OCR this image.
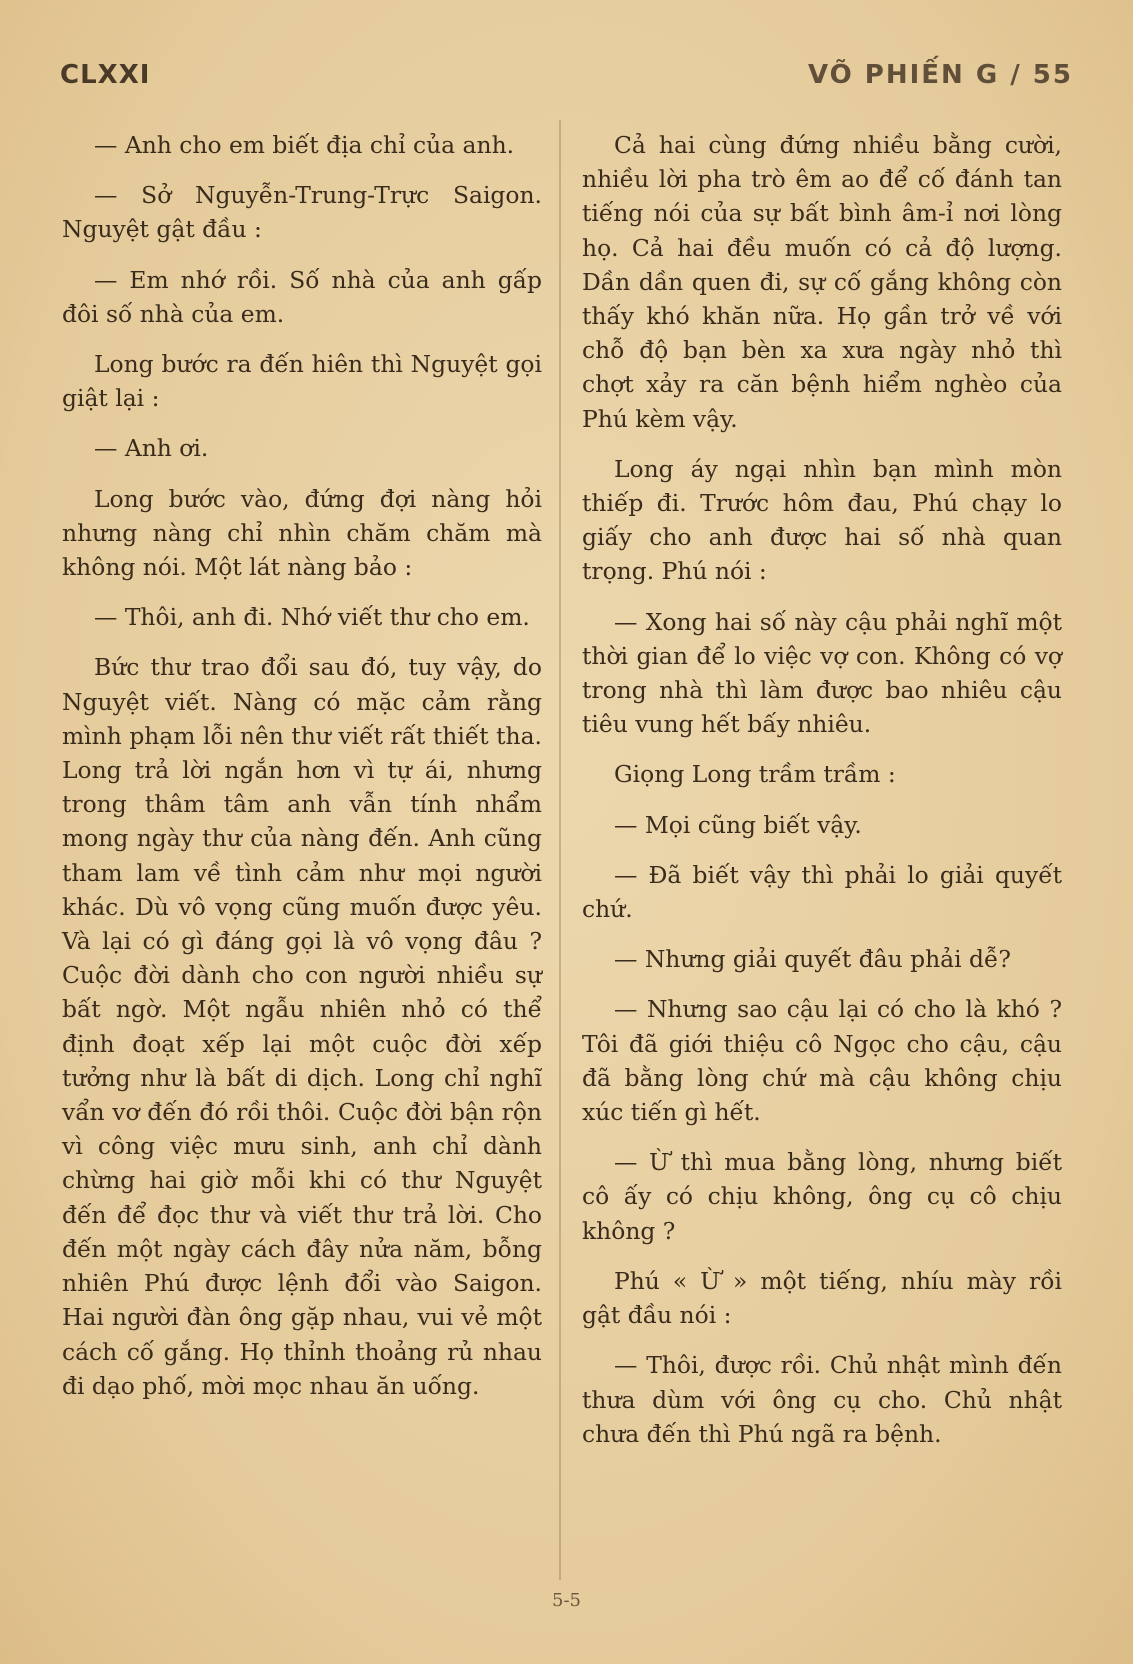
CLXXI	VÕ PHIẾN G / 55

— Anh cho em biết địa chỉ của anh.

— Sở Nguyễn-Trung-Trực Saigon. Nguyệt gật đầu :

— Em nhớ rồi. Số nhà của anh gấp đôi số nhà của em.

Long bước ra đến hiên thì Nguyệt gọi giật lại :

— Anh ơi.

Long bước vào, đứng đợi nàng hỏi nhưng nàng chỉ nhìn chăm chăm mà không nói. Một lát nàng bảo :

— Thôi, anh đi. Nhớ viết thư cho em.

Bức thư trao đổi sau đó, tuy vậy, do Nguyệt viết. Nàng có mặc cảm rằng mình phạm lỗi nên thư viết rất thiết tha. Long trả lời ngắn hơn vì tự ái, nhưng trong thâm tâm anh vẫn tính nhẩm mong ngày thư của nàng đến. Anh cũng tham lam về tình cảm như mọi người khác. Dù vô vọng cũng muốn được yêu. Và lại có gì đáng gọi là vô vọng đâu ? Cuộc đời dành cho con người nhiều sự bất ngờ. Một ngẫu nhiên nhỏ có thể định đoạt xếp lại một cuộc đời xếp tưởng như là bất di dịch. Long chỉ nghĩ vẩn vơ đến đó rồi thôi. Cuộc đời bận rộn vì công việc mưu sinh, anh chỉ dành chừng hai giờ mỗi khi có thư Nguyệt đến để đọc thư và viết thư trả lời. Cho đến một ngày cách đây nửa năm, bỗng nhiên Phú được lệnh đổi vào Saigon. Hai người đàn ông gặp nhau, vui vẻ một cách cố gắng. Họ thỉnh thoảng rủ nhau đi dạo phố, mời mọc nhau ăn uống.

Cả hai cùng đứng nhiều bằng cười, nhiều lời pha trò êm ao để cố đánh tan tiếng nói của sự bất bình âm-ỉ nơi lòng họ. Cả hai đều muốn có cả độ lượng. Dần dần quen đi, sự cố gắng không còn thấy khó khăn nữa. Họ gần trở về với chỗ độ bạn bèn xa xưa ngày nhỏ thì chợt xảy ra căn bệnh hiểm nghèo của Phú kèm vậy.

Long áy ngại nhìn bạn mình mòn thiếp đi. Trước hôm đau, Phú chạy lo giấy cho anh được hai số nhà quan trọng. Phú nói :

— Xong hai số này cậu phải nghĩ một thời gian để lo việc vợ con. Không có vợ trong nhà thì làm được bao nhiêu cậu tiêu vung hết bấy nhiêu.

Giọng Long trầm trầm :

— Mọi cũng biết vậy.

— Đã biết vậy thì phải lo giải quyết chứ.

— Nhưng giải quyết đâu phải dễ?

— Nhưng sao cậu lại có cho là khó ? Tôi đã giới thiệu cô Ngọc cho cậu, cậu đã bằng lòng chứ mà cậu không chịu xúc tiến gì hết.

— Ừ thì mua bằng lòng, nhưng biết cô ấy có chịu không, ông cụ cô chịu không ?

Phú « Ừ » một tiếng, nhíu mày rồi gật đầu nói :

— Thôi, được rồi. Chủ nhật mình đến thưa dùm với ông cụ cho. Chủ nhật chưa đến thì Phú ngã ra bệnh.

5-5
